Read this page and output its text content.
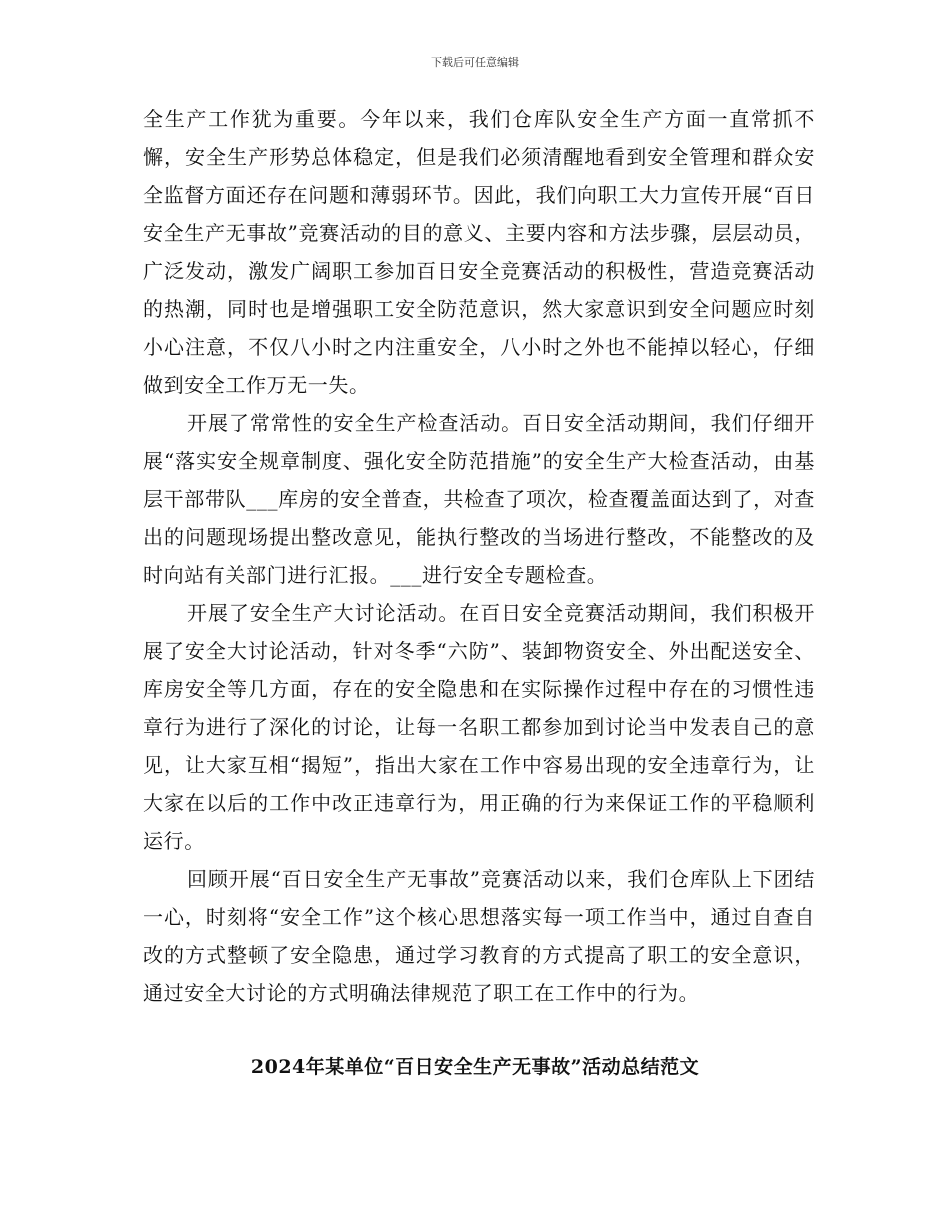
下载后可任意编辑

全生产工作犹为重要。今年以来，我们仓库队安全生产方面一直常抓不懈，安全生产形势总体稳定，但是我们必须清醒地看到安全管理和群众安全监督方面还存在问题和薄弱环节。因此，我们向职工大力宣传开展“百日安全生产无事故”竞赛活动的目的意义、主要内容和方法步骤，层层动员，广泛发动，激发广阔职工参加百日安全竞赛活动的积极性，营造竞赛活动的热潮，同时也是增强职工安全防范意识，然大家意识到安全问题应时刻小心注意，不仅八小时之内注重安全，八小时之外也不能掉以轻心，仔细做到安全工作万无一失。

开展了常常性的安全生产检查活动。百日安全活动期间，我们仔细开展“落实安全规章制度、强化安全防范措施”的安全生产大检查活动，由基层干部带队___库房的安全普查，共检查了项次，检查覆盖面达到了，对查出的问题现场提出整改意见，能执行整改的当场进行整改，不能整改的及时向站有关部门进行汇报。___进行安全专题检查。

开展了安全生产大讨论活动。在百日安全竞赛活动期间，我们积极开展了安全大讨论活动，针对冬季“六防”、装卸物资安全、外出配送安全、库房安全等几方面，存在的安全隐患和在实际操作过程中存在的习惯性违章行为进行了深化的讨论，让每一名职工都参加到讨论当中发表自己的意见，让大家互相“揭短”，指出大家在工作中容易出现的安全违章行为，让大家在以后的工作中改正违章行为，用正确的行为来保证工作的平稳顺利运行。

回顾开展“百日安全生产无事故”竞赛活动以来，我们仓库队上下团结一心，时刻将“安全工作”这个核心思想落实每一项工作当中，通过自查自改的方式整顿了安全隐患，通过学习教育的方式提高了职工的安全意识，通过安全大讨论的方式明确法律规范了职工在工作中的行为。

2024年某单位“百日安全生产无事故”活动总结范文
